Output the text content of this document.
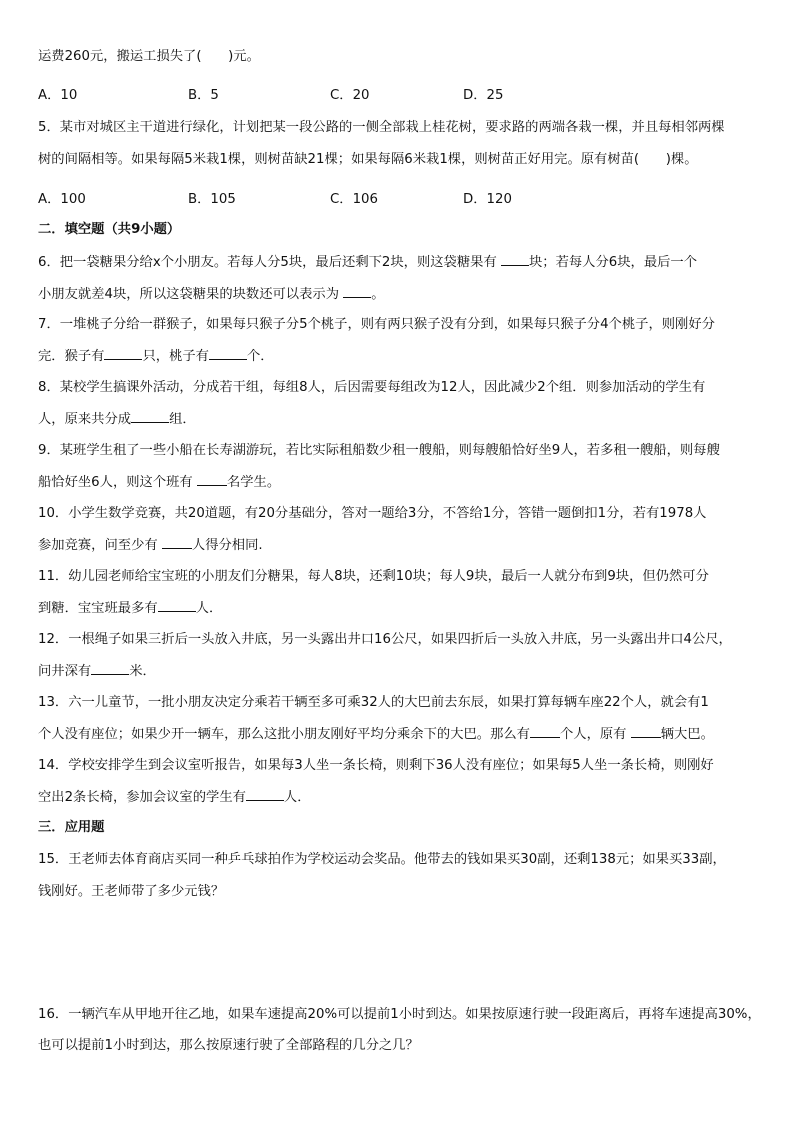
运费260元，搬运工损失了(　　)元。
A．10	B．5	C．20	D．25
5．某市对城区主干道进行绿化，计划把某一段公路的一侧全部栽上桂花树，要求路的两端各栽一棵，并且每相邻两棵
树的间隔相等。如果每隔5米栽1棵，则树苗缺21棵；如果每隔6米栽1棵，则树苗正好用完。原有树苗(　　)棵。
A．100	B．105	C．106	D．120
二．填空题（共9小题）
6．把一袋糖果分给x个小朋友。若每人分5块，最后还剩下2块，则这袋糖果有 块；若每人分6块，最后一个
小朋友就差4块，所以这袋糖果的块数还可以表示为 。
7．一堆桃子分给一群猴子，如果每只猴子分5个桃子，则有两只猴子没有分到，如果每只猴子分4个桃子，则刚好分
完．猴子有	只，桃子有	个．
8．某校学生搞课外活动，分成若干组，每组8人，后因需要每组改为12人，因此减少2个组．则参加活动的学生有
人，原来共分成	组．
9．某班学生租了一些小船在长寿湖游玩，若比实际租船数少租一艘船，则每艘船恰好坐9人，若多租一艘船，则每艘
船恰好坐6人，则这个班有	名学生。
10．小学生数学竞赛，共20道题，有20分基础分，答对一题给3分，不答给1分，答错一题倒扣1分，若有1978人
参加竞赛，问至少有	人得分相同.
11．幼儿园老师给宝宝班的小朋友们分糖果，每人8块，还剩10块；每人9块，最后一人就分布到9块，但仍然可分
到糖．宝宝班最多有	人．
12．一根绳子如果三折后一头放入井底，另一头露出井口16公尺，如果四折后一头放入井底，另一头露出井口4公尺，
问井深有	米．
13．六一儿童节，一批小朋友决定分乘若干辆至多可乘32人的大巴前去东辰，如果打算每辆车座22个人，就会有1
个人没有座位；如果少开一辆车，那么这批小朋友刚好平均分乘余下的大巴。那么有 个人，原有	辆大巴。
14．学校安排学生到会议室听报告，如果每3人坐一条长椅，则剩下36人没有座位；如果每5人坐一条长椅，则刚好
空出2条长椅，参加会议室的学生有	人．
三．应用题
15．王老师去体育商店买同一种乒乓球拍作为学校运动会奖品。他带去的钱如果买30副，还剩138元；如果买33副，
钱刚好。王老师带了多少元钱？
16．一辆汽车从甲地开往乙地，如果车速提高20%可以提前1小时到达。如果按原速行驶一段距离后，再将车速提高30%，
也可以提前1小时到达，那么按原速行驶了全部路程的几分之几？
